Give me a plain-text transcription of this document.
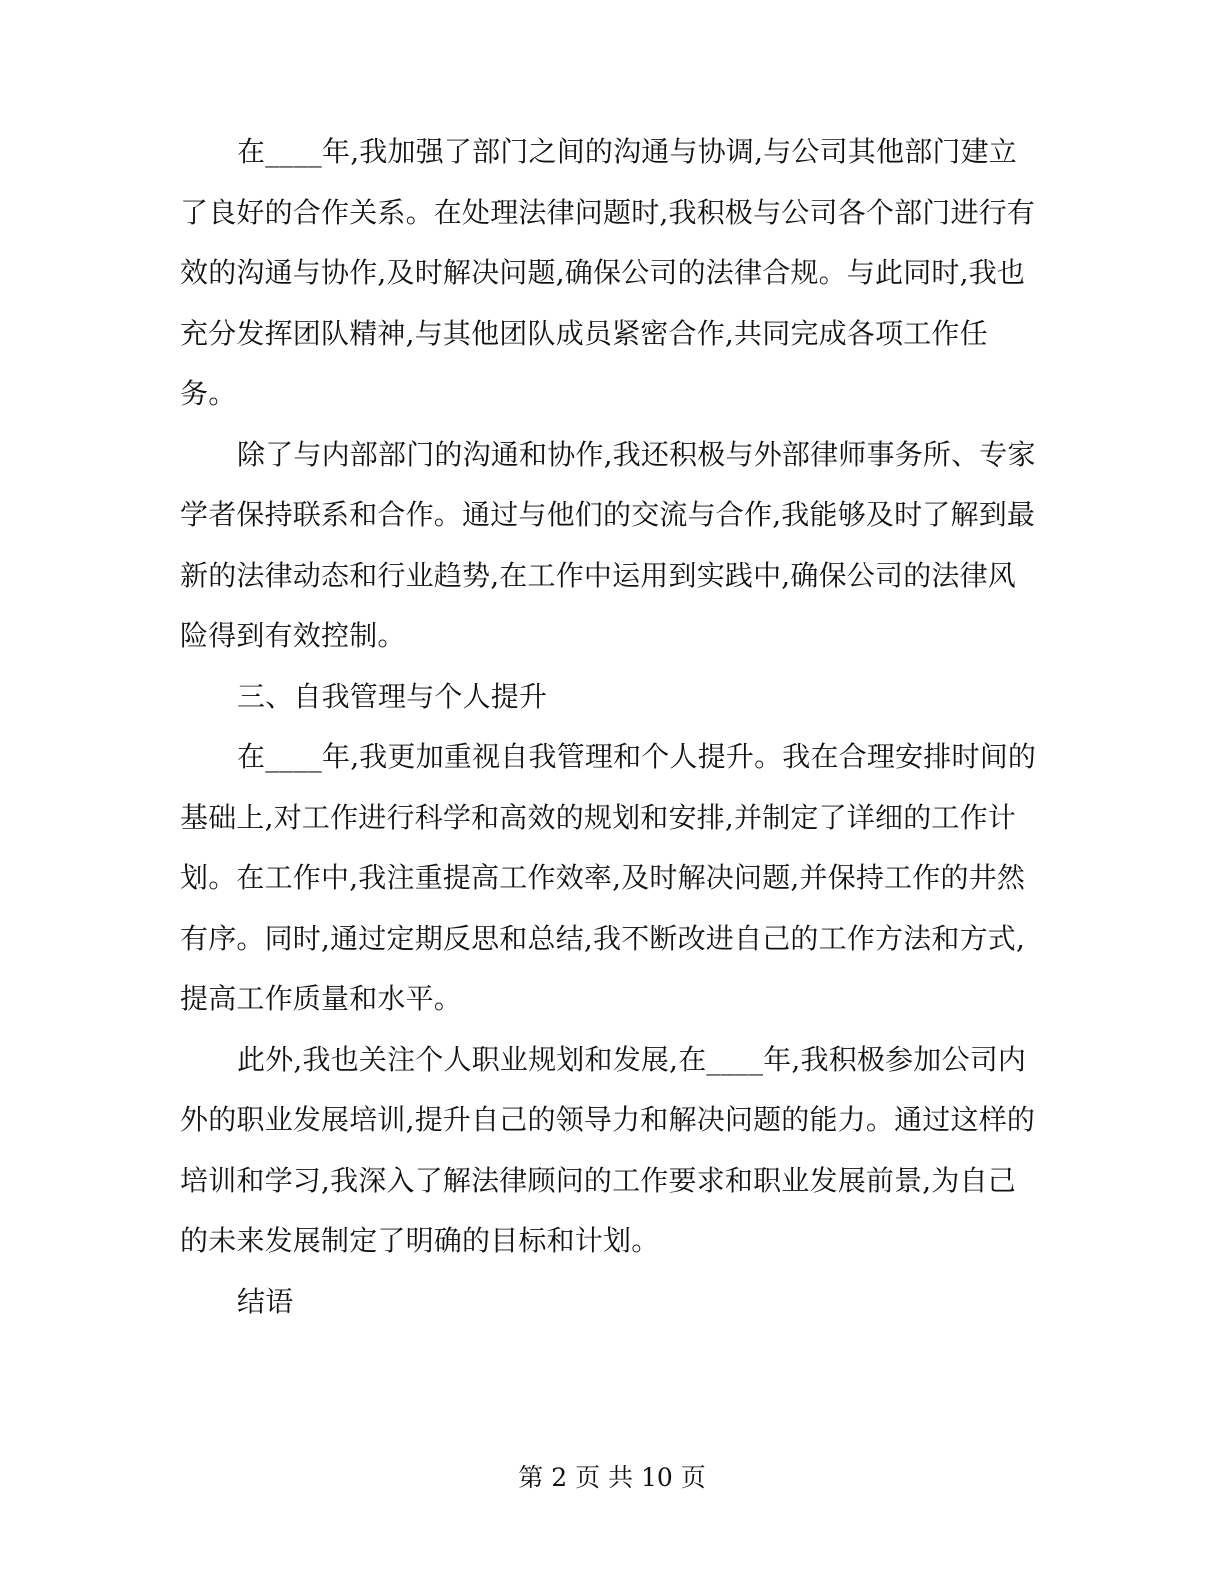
在____年,我加强了部门之间的沟通与协调,与公司其他部门建立
了良好的合作关系。在处理法律问题时,我积极与公司各个部门进行有
效的沟通与协作,及时解决问题,确保公司的法律合规。与此同时,我也
充分发挥团队精神,与其他团队成员紧密合作,共同完成各项工作任
务。
除了与内部部门的沟通和协作,我还积极与外部律师事务所、专家
学者保持联系和合作。通过与他们的交流与合作,我能够及时了解到最
新的法律动态和行业趋势,在工作中运用到实践中,确保公司的法律风
险得到有效控制。
三、自我管理与个人提升
在____年,我更加重视自我管理和个人提升。我在合理安排时间的
基础上,对工作进行科学和高效的规划和安排,并制定了详细的工作计
划。在工作中,我注重提高工作效率,及时解决问题,并保持工作的井然
有序。同时,通过定期反思和总结,我不断改进自己的工作方法和方式,
提高工作质量和水平。
此外,我也关注个人职业规划和发展,在____年,我积极参加公司内
外的职业发展培训,提升自己的领导力和解决问题的能力。通过这样的
培训和学习,我深入了解法律顾问的工作要求和职业发展前景,为自己
的未来发展制定了明确的目标和计划。
结语
第 2 页 共 10 页
